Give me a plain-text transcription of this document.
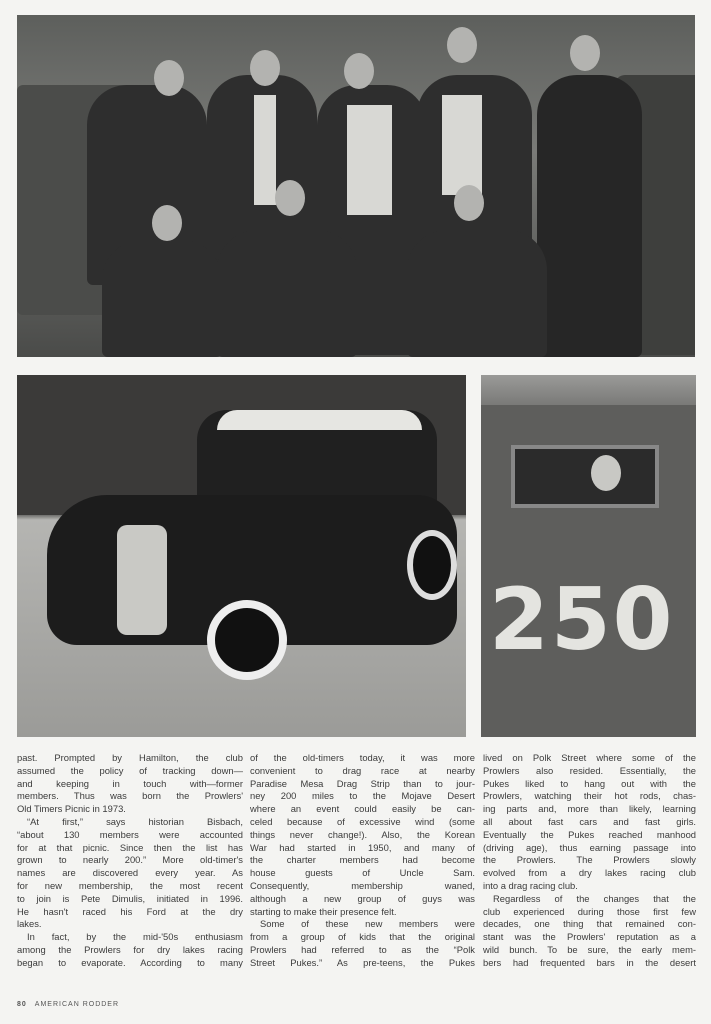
250
past. Prompted by Hamilton, the club
assumed the policy of tracking down—
and keeping in touch with—former
members. Thus was born the Prowlers'
Old Timers Picnic in 1973.
“At first,” says historian Bisbach,
“about 130 members were accounted
for at that picnic. Since then the list has
grown to nearly 200.” More old-timer's
names are discovered every year. As
for new membership, the most recent
to join is Pete Dimulis, initiated in 1996.
He hasn't raced his Ford at the dry
lakes.
In fact, by the mid-'50s enthusiasm
among the Prowlers for dry lakes racing
began to evaporate. According to many
of the old-timers today, it was more
convenient to drag race at nearby
Paradise Mesa Drag Strip than to jour-
ney 200 miles to the Mojave Desert
where an event could easily be can-
celed because of excessive wind (some
things never change!). Also, the Korean
War had started in 1950, and many of
the charter members had become
house guests of Uncle Sam.
Consequently, membership waned,
although a new group of guys was
starting to make their presence felt.
Some of these new members were
from a group of kids that the original
Prowlers had referred to as the “Polk
Street Pukes.” As pre-teens, the Pukes
lived on Polk Street where some of the
Prowlers also resided. Essentially, the
Pukes liked to hang out with the
Prowlers, watching their hot rods, chas-
ing parts and, more than likely, learning
all about fast cars and fast girls.
Eventually the Pukes reached manhood
(driving age), thus earning passage into
the Prowlers. The Prowlers slowly
evolved from a dry lakes racing club
into a drag racing club.
Regardless of the changes that the
club experienced during those first few
decades, one thing that remained con-
stant was the Prowlers' reputation as a
wild bunch. To be sure, the early mem-
bers had frequented bars in the desert
80 AMERICAN RODDER
